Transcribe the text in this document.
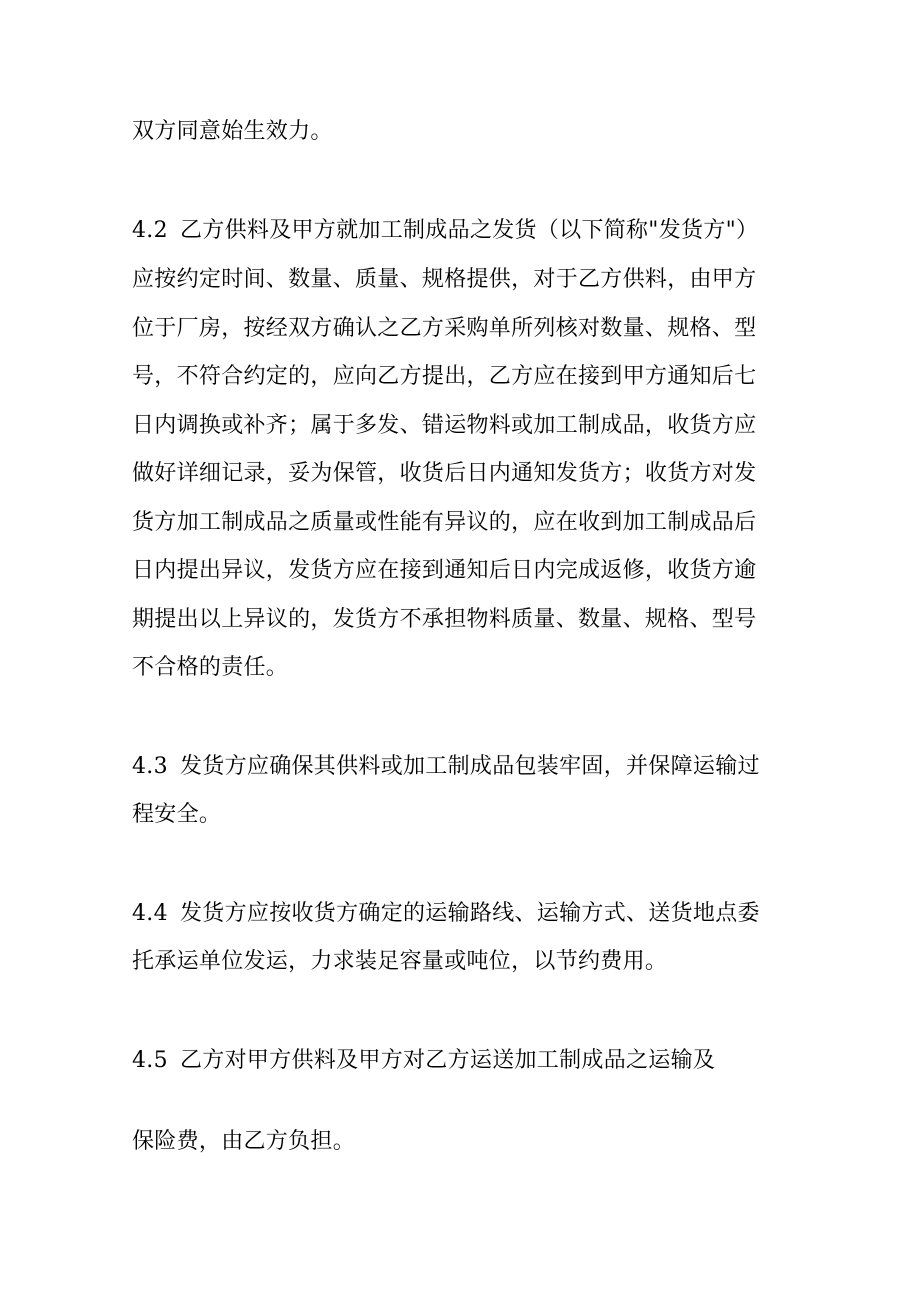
双方同意始生效力。
4.2 乙方供料及甲方就加工制成品之发货（以下简称"发货方"）
应按约定时间、数量、质量、规格提供，对于乙方供料，由甲方
位于厂房，按经双方确认之乙方采购单所列核对数量、规格、型
号，不符合约定的，应向乙方提出，乙方应在接到甲方通知后七
日内调换或补齐；属于多发、错运物料或加工制成品，收货方应
做好详细记录，妥为保管，收货后日内通知发货方；收货方对发
货方加工制成品之质量或性能有异议的，应在收到加工制成品后
日内提出异议，发货方应在接到通知后日内完成返修，收货方逾
期提出以上异议的，发货方不承担物料质量、数量、规格、型号
不合格的责任。
4.3 发货方应确保其供料或加工制成品包装牢固，并保障运输过
程安全。
4.4 发货方应按收货方确定的运输路线、运输方式、送货地点委
托承运单位发运，力求装足容量或吨位，以节约费用。
4.5 乙方对甲方供料及甲方对乙方运送加工制成品之运输及
保险费，由乙方负担。
